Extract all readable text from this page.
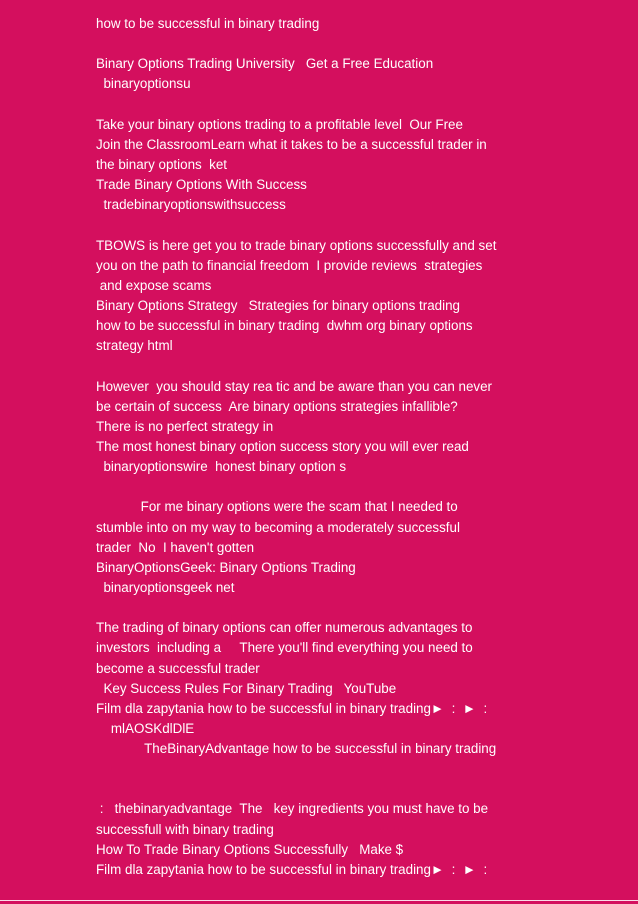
how to be successful in binary trading
Binary Options Trading University   Get a Free Education
binaryoptionsu
Take your binary options trading to a profitable level  Our Free
Join the ClassroomLearn what it takes to be a successful trader in
the binary options  ket
Trade Binary Options With Success
tradebinaryoptionswithsuccess
TBOWS is here get you to trade binary options successfully and set
you on the path to financial freedom  I provide reviews  strategies
and expose scams
Binary Options Strategy   Strategies for binary options trading
how to be successful in binary trading  dwhm org binary options
strategy html
However  you should stay rea tic and be aware than you can never
be certain of success  Are binary options strategies infallible?
There is no perfect strategy in
The most honest binary option success story you will ever read
binaryoptionswire  honest binary option s
For me binary options were the scam that I needed to
stumble into on my way to becoming a moderately successful
trader  No  I haven't gotten
BinaryOptionsGeek: Binary Options Trading
binaryoptionsgeek net
The trading of binary options can offer numerous advantages to
investors  including a     There you'll find everything you need to
become a successful trader
Key Success Rules For Binary Trading   YouTube
Film dla zapytania how to be successful in binary trading►  :  ►  :
mlAOSKdlDlE
TheBinaryAdvantage how to be successful in binary trading
:   thebinaryadvantage  The   key ingredients you must have to be
successfull with binary trading
How To Trade Binary Options Successfully   Make $
Film dla zapytania how to be successful in binary trading►  :  ►  :
